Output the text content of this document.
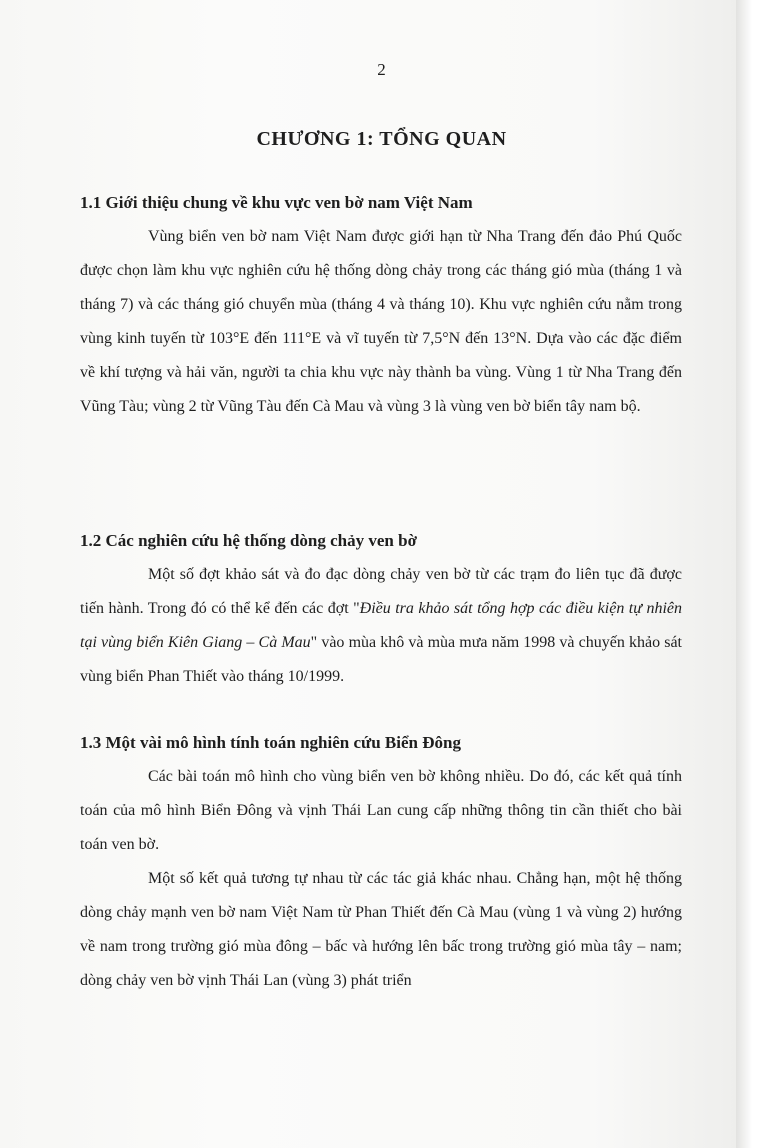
2
CHƯƠNG 1: TỔNG QUAN

1.1 Giới thiệu chung về khu vực ven bờ nam Việt Nam

Vùng biển ven bờ nam Việt Nam được giới hạn từ Nha Trang đến đảo Phú Quốc được chọn làm khu vực nghiên cứu hệ thống dòng chảy trong các tháng gió mùa (tháng 1 và tháng 7) và các tháng gió chuyển mùa (tháng 4 và tháng 10). Khu vực nghiên cứu nằm trong vùng kinh tuyến từ 103°E đến 111°E và vĩ tuyến từ 7,5°N đến 13°N. Dựa vào các đặc điểm về khí tượng và hải văn, người ta chia khu vực này thành ba vùng. Vùng 1 từ Nha Trang đến Vũng Tàu; vùng 2 từ Vũng Tàu đến Cà Mau và vùng 3 là vùng ven bờ biển tây nam bộ.

1.2 Các nghiên cứu hệ thống dòng chảy ven bờ

Một số đợt khảo sát và đo đạc dòng chảy ven bờ từ các trạm đo liên tục đã được tiến hành. Trong đó có thể kể đến các đợt "Điều tra khảo sát tổng hợp các điều kiện tự nhiên tại vùng biển Kiên Giang – Cà Mau" vào mùa khô và mùa mưa năm 1998 và chuyến khảo sát vùng biển Phan Thiết vào tháng 10/1999.

1.3 Một vài mô hình tính toán nghiên cứu Biển Đông

Các bài toán mô hình cho vùng biển ven bờ không nhiều. Do đó, các kết quả tính toán của mô hình Biển Đông và vịnh Thái Lan cung cấp những thông tin cần thiết cho bài toán ven bờ.

Một số kết quả tương tự nhau từ các tác giả khác nhau. Chẳng hạn, một hệ thống dòng chảy mạnh ven bờ nam Việt Nam từ Phan Thiết đến Cà Mau (vùng 1 và vùng 2) hướng về nam trong trường gió mùa đông – bấc và hướng lên bấc trong trường gió mùa tây – nam; dòng chảy ven bờ vịnh Thái Lan (vùng 3) phát triển
